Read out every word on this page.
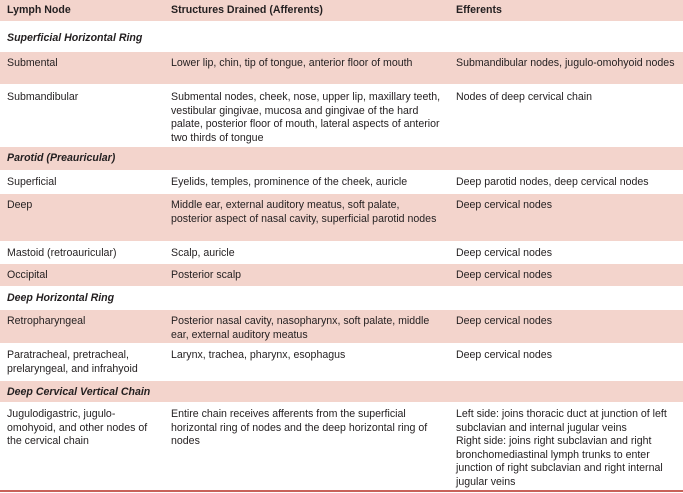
Lymph Node	Structures Drained (Afferents)	Efferents
Superficial Horizontal Ring		
Submental	Lower lip, chin, tip of tongue, anterior floor of mouth	Submandibular nodes, jugulo-omohyoid nodes
Submandibular	Submental nodes, cheek, nose, upper lip, maxillary teeth, vestibular gingivae, mucosa and gingivae of the hard palate, posterior floor of mouth, lateral aspects of anterior two thirds of tongue	Nodes of deep cervical chain
Parotid (Preauricular)		
Superficial	Eyelids, temples, prominence of the cheek, auricle	Deep parotid nodes, deep cervical nodes
Deep	Middle ear, external auditory meatus, soft palate, posterior aspect of nasal cavity, superficial parotid nodes	Deep cervical nodes
Mastoid (retroauricular)	Scalp, auricle	Deep cervical nodes
Occipital	Posterior scalp	Deep cervical nodes
Deep Horizontal Ring		
Retropharyngeal	Posterior nasal cavity, nasopharynx, soft palate, middle ear, external auditory meatus	Deep cervical nodes
Paratracheal, pretracheal, prelaryngeal, and infrahyoid	Larynx, trachea, pharynx, esophagus	Deep cervical nodes
Deep Cervical Vertical Chain		
Jugulodigastric, jugulo-omohyoid, and other nodes of the cervical chain	Entire chain receives afferents from the superficial horizontal ring of nodes and the deep horizontal ring of nodes	Left side: joins thoracic duct at junction of left subclavian and internal jugular veins
Right side: joins right subclavian and right bronchomediastinal lymph trunks to enter junction of right subclavian and right internal jugular veins
